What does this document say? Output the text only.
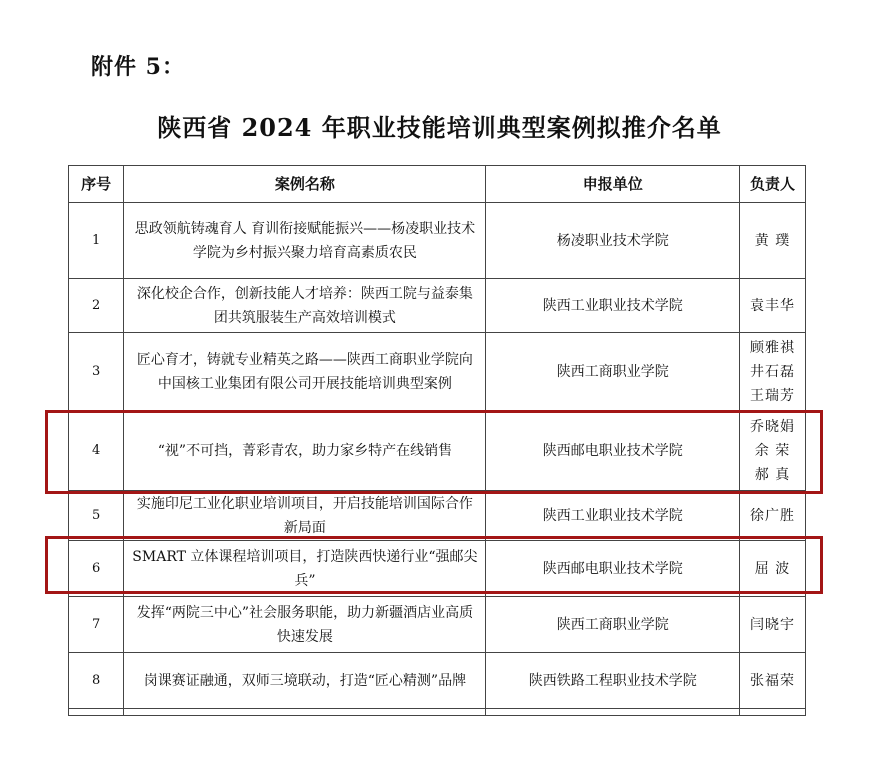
附件 5：
陕西省 2024 年职业技能培训典型案例拟推介名单
序号	案例名称	申报单位	负责人
1	思政领航铸魂育人 育训衔接赋能振兴——杨凌职业技术学院为乡村振兴聚力培育高素质农民	杨凌职业技术学院	黄 璞

2	深化校企合作，创新技能人才培养：陕西工院与益泰集团共筑服装生产高效培训模式	陕西工业职业技术学院	袁丰华

3	匠心育才，铸就专业精英之路——陕西工商职业学院向中国核工业集团有限公司开展技能培训典型案例	陕西工商职业学院	顾雅祺
井石磊
王瑞芳

4	“视”不可挡，菁彩青农，助力家乡特产在线销售	陕西邮电职业技术学院	乔晓娟
余 荣
郝 真

5	实施印尼工业化职业培训项目，开启技能培训国际合作新局面	陕西工业职业技术学院	徐广胜

6	SMART 立体课程培训项目，打造陕西快递行业“强邮尖兵”	陕西邮电职业技术学院	屈 波

7	发挥“两院三中心”社会服务职能，助力新疆酒店业高质快速发展	陕西工商职业学院	闫晓宇

8	岗课赛证融通，双师三境联动，打造“匠心精测”品牌	陕西铁路工程职业技术学院	张福荣
